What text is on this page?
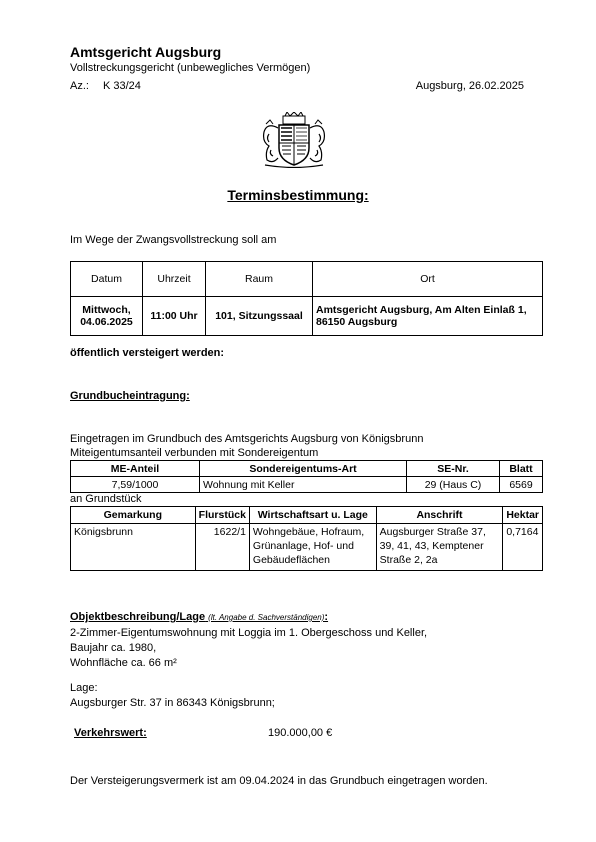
Amtsgericht Augsburg
Vollstreckungsgericht (unbewegliches Vermögen)
Az.: K 33/24	Augsburg, 26.02.2025
Terminsbestimmung:
Im Wege der Zwangsvollstreckung soll am
Datum	Uhrzeit	Raum	Ort
Mittwoch,
04.06.2025	11:00 Uhr	101, Sitzungssaal	Amtsgericht Augsburg, Am Alten Einlaß 1, 86150 Augsburg
öffentlich versteigert werden:
Grundbucheintragung:
Eingetragen im Grundbuch des Amtsgerichts Augsburg von Königsbrunn
Miteigentumsanteil verbunden mit Sondereigentum
ME-Anteil	Sondereigentums-Art	SE-Nr.	Blatt
7,59/1000	Wohnung mit Keller	29 (Haus C)	6569
an Grundstück
Gemarkung	Flurstück	Wirtschaftsart u. Lage	Anschrift	Hektar
Königsbrunn	1622/1	Wohngebäue, Hofraum, Grünanlage, Hof- und Gebäudeflächen	Augsburger Straße 37, 39, 41, 43, Kemptener Straße 2, 2a	0,7164
Objektbeschreibung/Lage (lt. Angabe d. Sachverständigen):
2-Zimmer-Eigentumswohnung mit Loggia im 1. Obergeschoss und Keller,
Baujahr ca. 1980,
Wohnfläche ca. 66 m²
Lage:
Augsburger Str. 37 in 86343 Königsbrunn;
Verkehrswert:	190.000,00 €
Der Versteigerungsvermerk ist am 09.04.2024 in das Grundbuch eingetragen worden.
